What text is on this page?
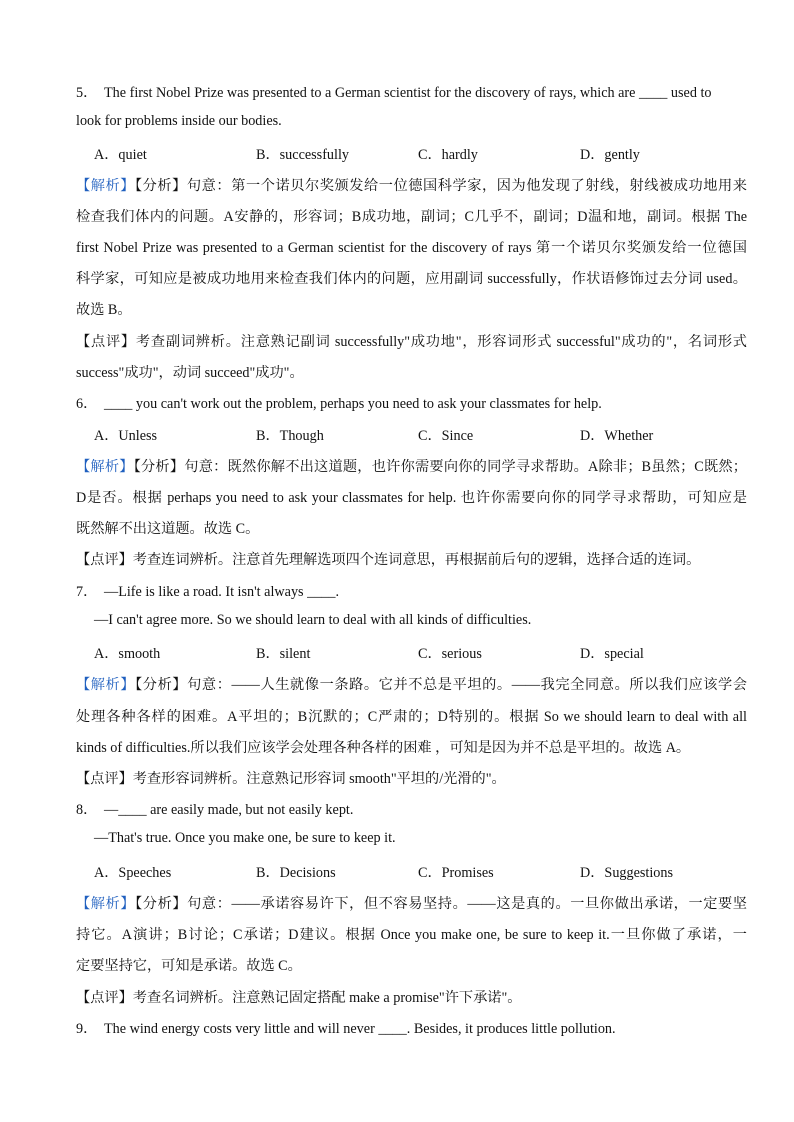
5． The first Nobel Prize was presented to a German scientist for the discovery of rays, which are ____ used to
look for problems inside our bodies.
A．quiet	B．successfully	C．hardly	D．gently
【解析】【分析】句意：第一个诺贝尔奖颁发给一位德国科学家，因为他发现了射线，射线被成功地用来
检查我们体内的问题。A安静的，形容词；B成功地，副词；C几乎不，副词；D温和地，副词。根据 The
first Nobel Prize was presented to a German scientist for the discovery of rays 第一个诺贝尔奖颁发给一位德国
科学家，可知应是被成功地用来检查我们体内的问题，应用副词 successfully，作状语修饰过去分词 used。
故选 B。
【点评】考查副词辨析。注意熟记副词 successfully"成功地"，形容词形式 successful"成功的"，名词形式
success"成功"，动词 succeed"成功"。
6． ____ you can't work out the problem, perhaps you need to ask your classmates for help.
A．Unless	B．Though	C．Since	D．Whether
【解析】【分析】句意：既然你解不出这道题，也许你需要向你的同学寻求帮助。A除非；B虽然；C既然；
D是否。根据 perhaps you need to ask your classmates for help. 也许你需要向你的同学寻求帮助，可知应是
既然解不出这道题。故选 C。
【点评】考查连词辨析。注意首先理解选项四个连词意思，再根据前后句的逻辑，选择合适的连词。
7． —Life is like a road. It isn't always ____.
—I can't agree more. So we should learn to deal with all kinds of difficulties.
A．smooth	B．silent	C．serious	D．special
【解析】【分析】句意：——人生就像一条路。它并不总是平坦的。——我完全同意。所以我们应该学会
处理各种各样的困难。A平坦的；B沉默的；C严肃的；D特别的。根据 So we should learn to deal with all
kinds of difficulties.所以我们应该学会处理各种各样的困难 ，可知是因为并不总是平坦的。故选 A。
【点评】考查形容词辨析。注意熟记形容词 smooth"平坦的/光滑的"。
8． —____ are easily made, but not easily kept.
—That's true. Once you make one, be sure to keep it.
A．Speeches	B．Decisions	C．Promises	D．Suggestions
【解析】【分析】句意：——承诺容易许下，但不容易坚持。——这是真的。一旦你做出承诺，一定要坚
持它。A演讲；B讨论；C承诺；D建议。根据 Once you make one, be sure to keep it.一旦你做了承诺，一
定要坚持它，可知是承诺。故选 C。
【点评】考查名词辨析。注意熟记固定搭配 make a promise"许下承诺"。
9． The wind energy costs very little and will never ____. Besides, it produces little pollution.
